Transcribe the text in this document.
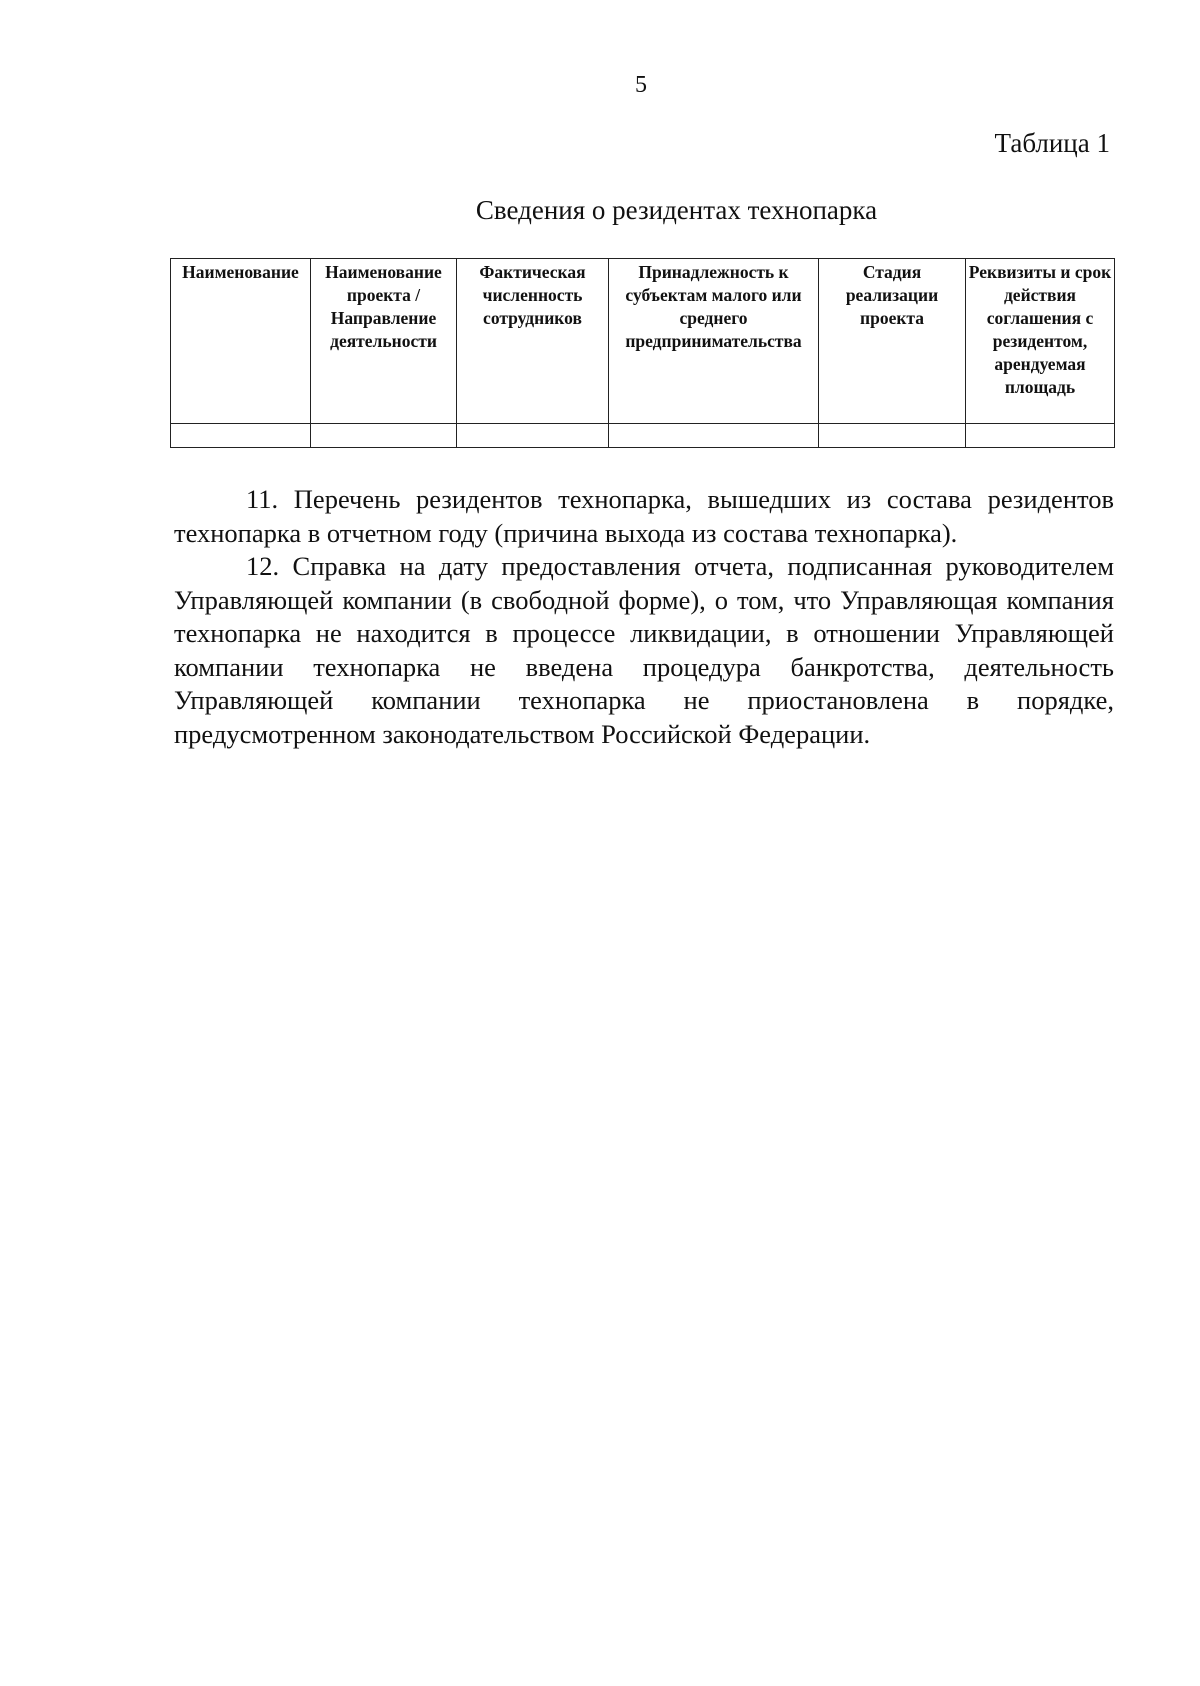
5
Таблица 1
Сведения о резидентах технопарка
Наименование	Наименование проекта / Направление деятельности	Фактическая численность сотрудников	Принадлежность к субъектам малого или среднего предпринимательства	Стадия реализации проекта	Реквизиты и срок действия соглашения с резидентом, арендуемая площадь

11. Перечень резидентов технопарка, вышедших из состава резидентов технопарка в отчетном году (причина выхода из состава технопарка).

12. Справка на дату предоставления отчета, подписанная руководителем Управляющей компании (в свободной форме), о том, что Управляющая компания технопарка не находится в процессе ликвидации, в отношении Управляющей компании технопарка не введена процедура банкротства, деятельность Управляющей компании технопарка не приостановлена в порядке, предусмотренном законодательством Российской Федерации.
